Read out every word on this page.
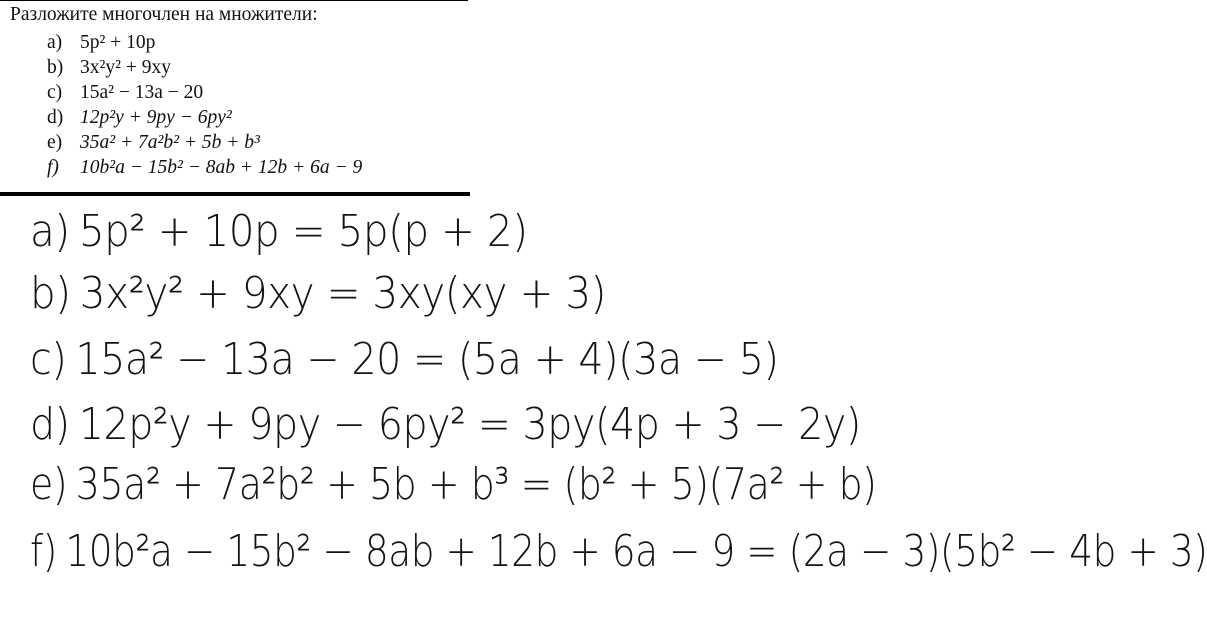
Разложите многочлен на множители:
a) 5p² + 10p
b) 3x²y² + 9xy
c) 15a² − 13a − 20
d) 12p²y + 9py − 6py²
e) 35a² + 7a²b² + 5b + b³
f)	10b²a − 15b² − 8ab + 12b + 6a − 9
a) 5p² + 10p = 5p(p + 2)
b) 3x²y² + 9xy = 3xy(xy + 3)
c) 15a² − 13a − 20 = (5a + 4)(3a − 5)
d) 12p²y + 9py − 6py² = 3py(4p + 3 − 2y)
e) 35a² + 7a²b² + 5b + b³ = (b² + 5)(7a² + b)
f) 10b²a − 15b² − 8ab + 12b + 6a − 9 = (2a − 3)(5b² − 4b + 3)
